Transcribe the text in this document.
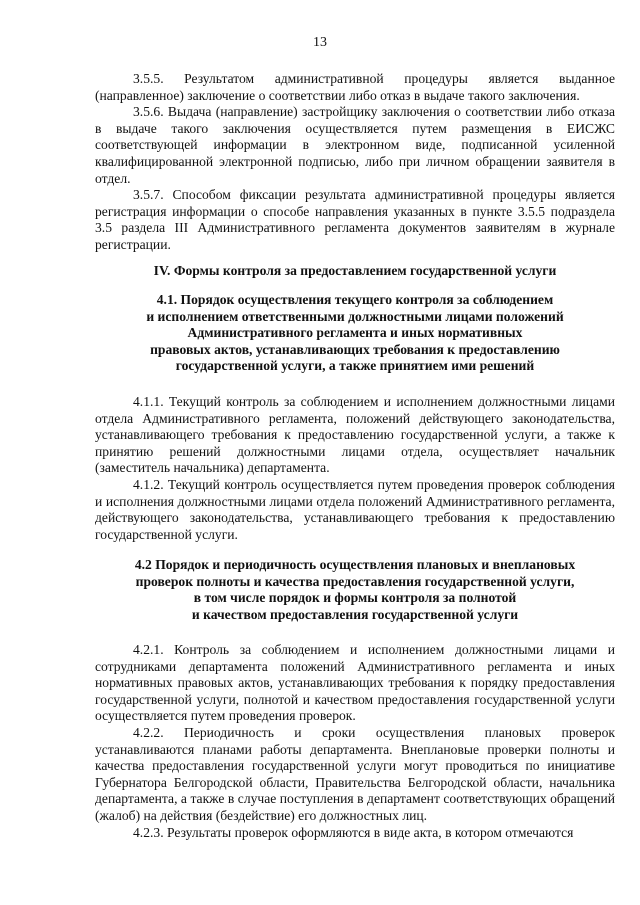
13

3.5.5. Результатом административной процедуры является выданное (направленное) заключение о соответствии либо отказ в выдаче такого заключения.

3.5.6. Выдача (направление) застройщику заключения о соответствии либо отказа в выдаче такого заключения осуществляется путем размещения в ЕИСЖС соответствующей информации в электронном виде, подписанной усиленной квалифицированной электронной подписью, либо при личном обращении заявителя в отдел.

3.5.7. Способом фиксации результата административной процедуры является регистрация информации о способе направления указанных в пункте 3.5.5 подраздела 3.5 раздела III Административного регламента документов заявителям в журнале регистрации.

IV. Формы контроля за предоставлением государственной услуги

4.1. Порядок осуществления текущего контроля за соблюдением
и исполнением ответственными должностными лицами положений
Административного регламента и иных нормативных
правовых актов, устанавливающих требования к предоставлению
государственной услуги, а также принятием ими решений

4.1.1. Текущий контроль за соблюдением и исполнением должностными лицами отдела Административного регламента, положений действующего законодательства, устанавливающего требования к предоставлению государственной услуги, а также к принятию решений должностными лицами отдела, осуществляет начальник (заместитель начальника) департамента.

4.1.2. Текущий контроль осуществляется путем проведения проверок соблюдения и исполнения должностными лицами отдела положений Административного регламента, действующего законодательства, устанавливающего требования к предоставлению государственной услуги.

4.2 Порядок и периодичность осуществления плановых и внеплановых
проверок полноты и качества предоставления государственной услуги,
в том числе порядок и формы контроля за полнотой
и качеством предоставления государственной услуги

4.2.1. Контроль за соблюдением и исполнением должностными лицами и сотрудниками департамента положений Административного регламента и иных нормативных правовых актов, устанавливающих требования к порядку предоставления государственной услуги, полнотой и качеством предоставления государственной услуги осуществляется путем проведения проверок.

4.2.2. Периодичность и сроки осуществления плановых проверок устанавливаются планами работы департамента. Внеплановые проверки полноты и качества предоставления государственной услуги могут проводиться по инициативе Губернатора Белгородской области, Правительства Белгородской области, начальника департамента, а также в случае поступления в департамент соответствующих обращений (жалоб) на действия (бездействие) его должностных лиц.

4.2.3. Результаты проверок оформляются в виде акта, в котором отмечаются
